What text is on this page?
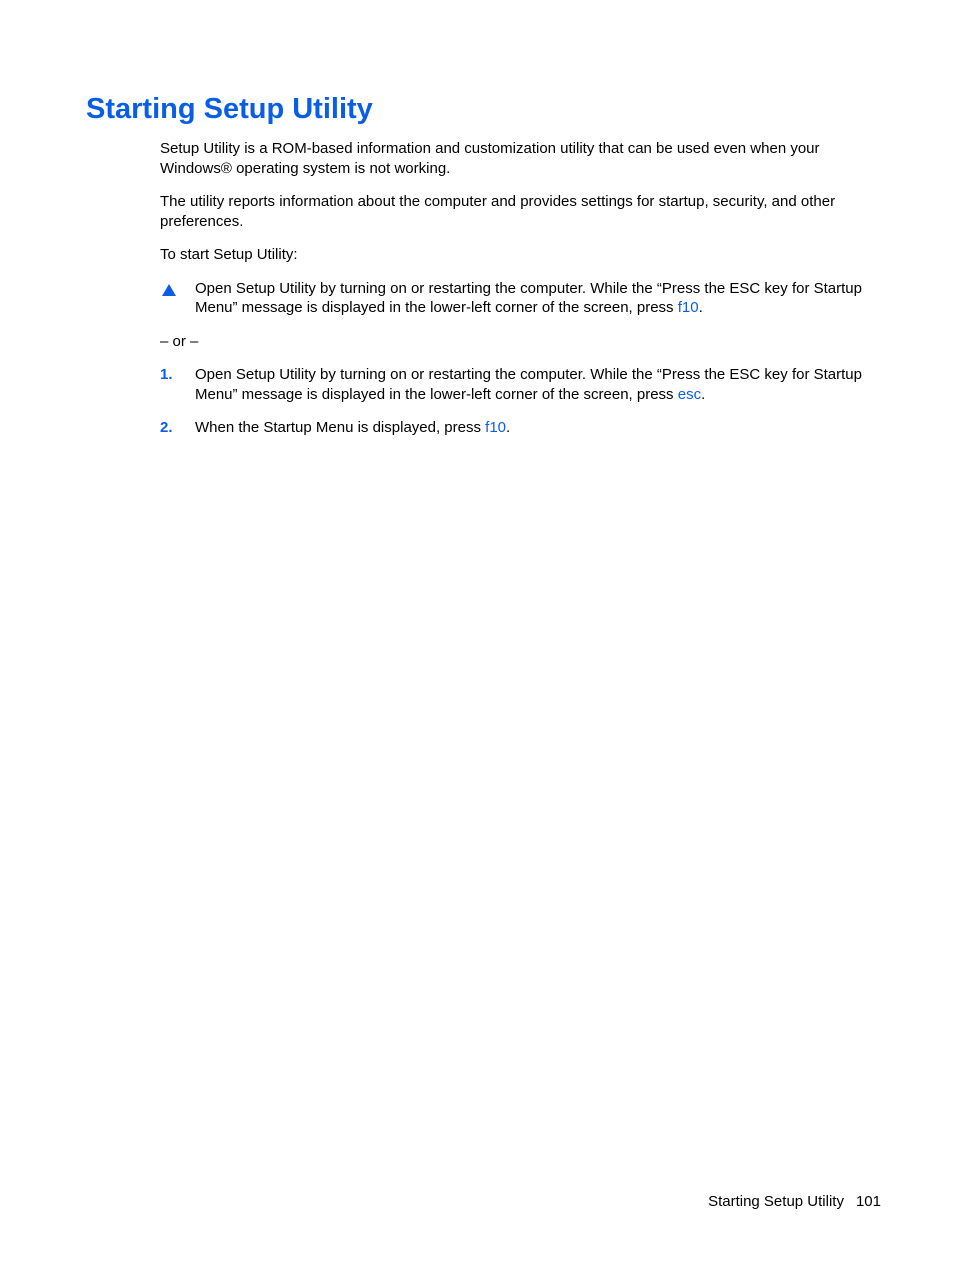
Starting Setup Utility

Setup Utility is a ROM-based information and customization utility that can be used even when your Windows® operating system is not working.

The utility reports information about the computer and provides settings for startup, security, and other preferences.

To start Setup Utility:

Open Setup Utility by turning on or restarting the computer. While the “Press the ESC key for Startup Menu” message is displayed in the lower-left corner of the screen, press f10.

– or –

1. Open Setup Utility by turning on or restarting the computer. While the “Press the ESC key for Startup Menu” message is displayed in the lower-left corner of the screen, press esc.
2. When the Startup Menu is displayed, press f10.
Starting Setup Utility 101
